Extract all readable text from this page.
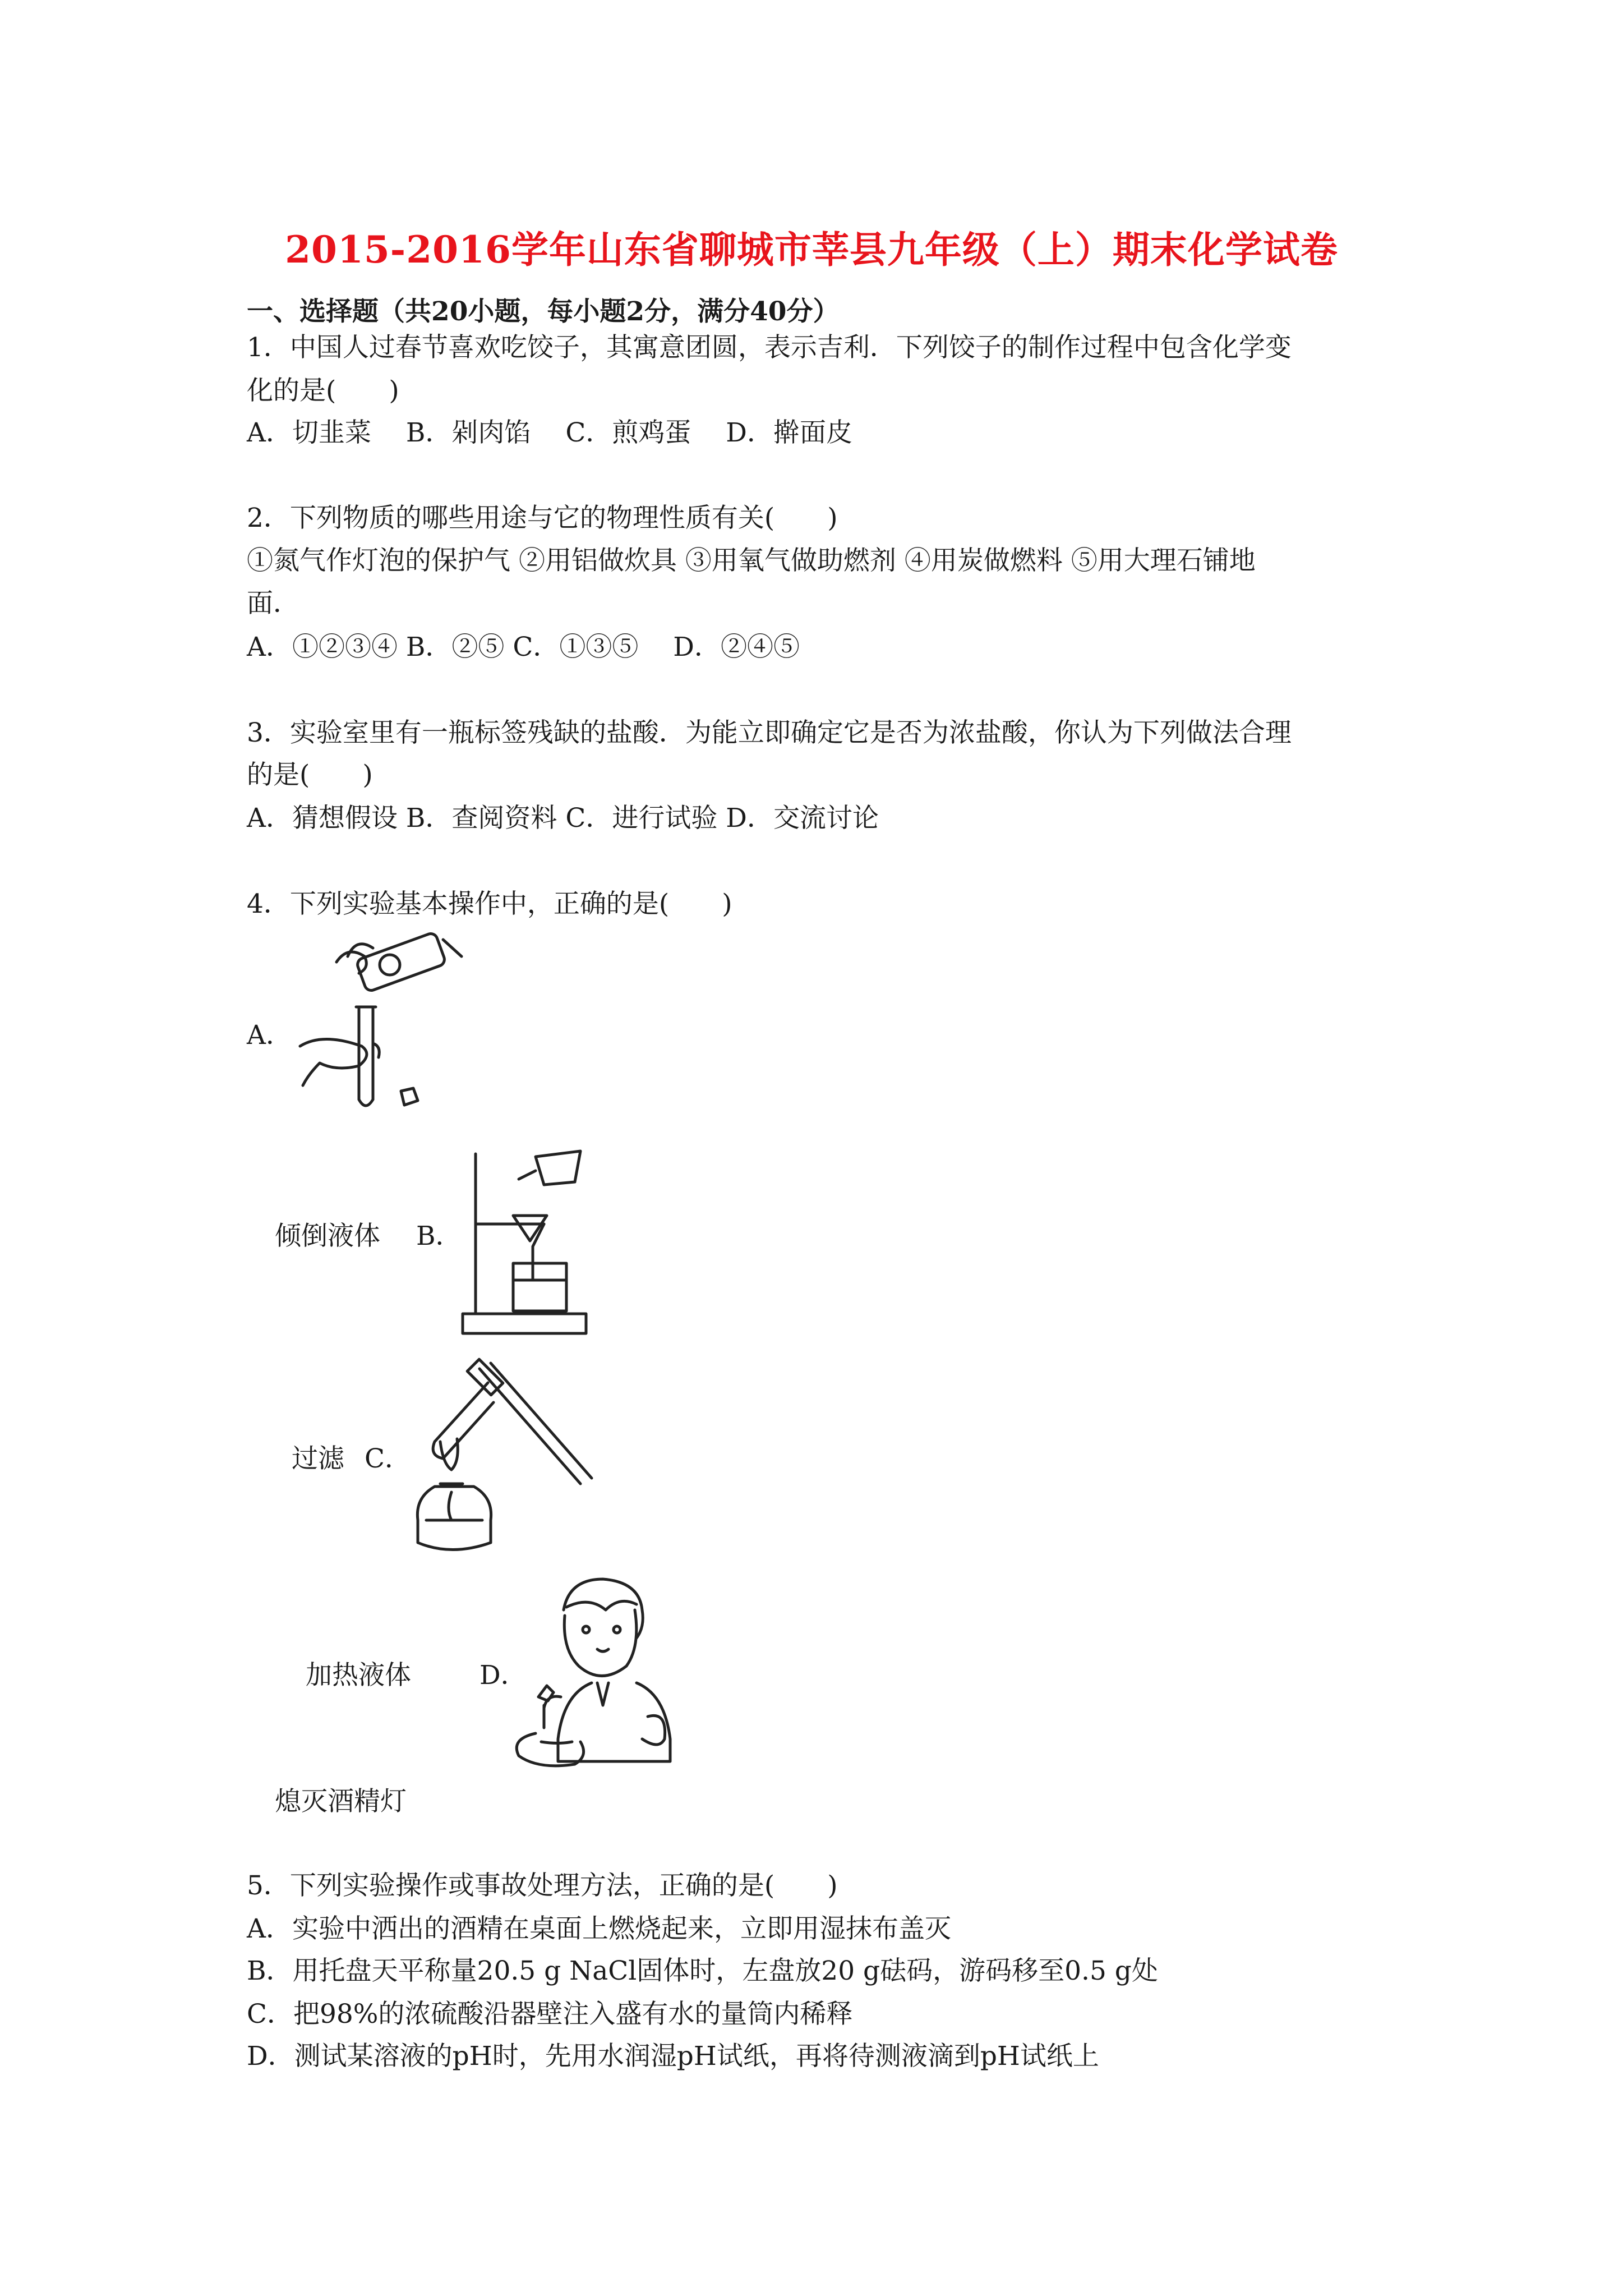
2015-2016学年山东省聊城市莘县九年级（上）期末化学试卷
一、选择题（共20小题，每小题2分，满分40分）
1．中国人过春节喜欢吃饺子，其寓意团圆，表示吉利．下列饺子的制作过程中包含化学变
化的是(　　)
A．切韭菜　 B．剁肉馅　 C．煎鸡蛋　 D．擀面皮
2．下列物质的哪些用途与它的物理性质有关(　　)
①氮气作灯泡的保护气 ②用铝做炊具 ③用氧气做助燃剂 ④用炭做燃料 ⑤用大理石铺地
面．
A．①②③④ B．②⑤ C．①③⑤　 D．②④⑤
3．实验室里有一瓶标签残缺的盐酸．为能立即确定它是否为浓盐酸，你认为下列做法合理
的是(　　)
A．猜想假设 B．查阅资料 C．进行试验 D．交流讨论
4．下列实验基本操作中，正确的是(　　)
A．
倾倒液体 B．
过滤 C．
加热液体	D．
熄灭酒精灯
5．下列实验操作或事故处理方法，正确的是(　　)
A．实验中洒出的酒精在桌面上燃烧起来，立即用湿抹布盖灭
B．用托盘天平称量20.5 g NaCl固体时，左盘放20 g砝码，游码移至0.5 g处
C．把98%的浓硫酸沿器壁注入盛有水的量筒内稀释
D．测试某溶液的pH时，先用水润湿pH试纸，再将待测液滴到pH试纸上
